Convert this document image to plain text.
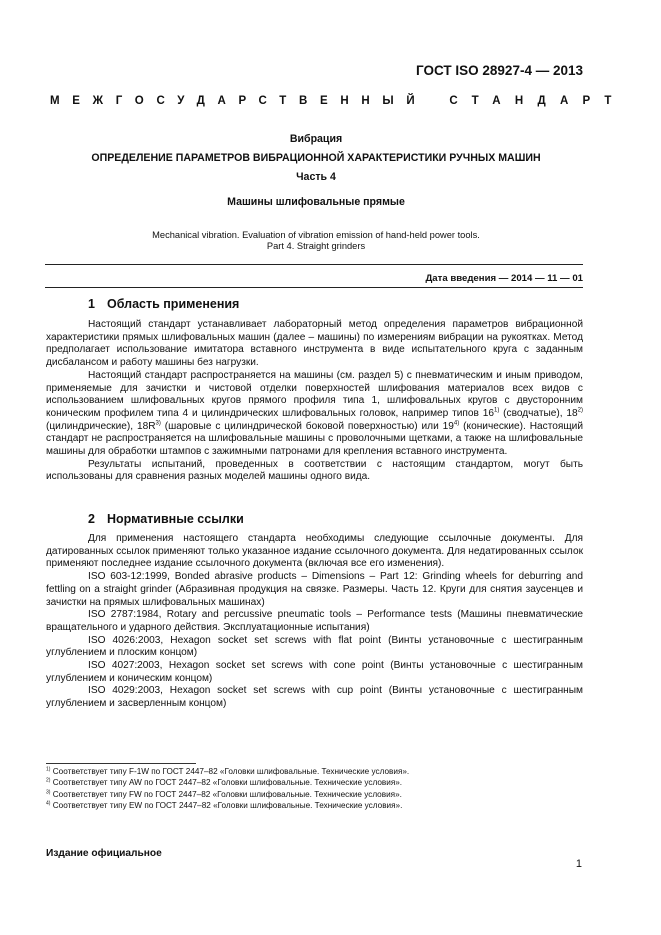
ГОСТ ISO 28927-4 — 2013
МЕЖГОСУДАРСТВЕННЫЙ СТАНДАРТ
Вибрация
ОПРЕДЕЛЕНИЕ ПАРАМЕТРОВ ВИБРАЦИОННОЙ ХАРАКТЕРИСТИКИ РУЧНЫХ МАШИН
Часть 4
Машины шлифовальные прямые
Mechanical vibration. Evaluation of vibration emission of hand-held power tools.
Part 4. Straight grinders
Дата введения — 2014 — 11 — 01
1 Область применения

Настоящий стандарт устанавливает лабораторный метод определения параметров вибрационной характеристики прямых шлифовальных машин (далее – машины) по измерениям вибрации на рукоятках. Метод предполагает использование имитатора вставного инструмента в виде испытательного круга с заданным дисбалансом и работу машины без нагрузки.

Настоящий стандарт распространяется на машины (см. раздел 5) с пневматическим и иным приводом, применяемые для зачистки и чистовой отделки поверхностей шлифования материалов всех видов с использованием шлифовальных кругов прямого профиля типа 1, шлифовальных кругов с двусторонним коническим профилем типа 4 и цилиндрических шлифовальных головок, например типов 16$^{1)}$ (сводчатые), 18$^{2)}$ (цилиндрические), $18R^{3)}$ (шаровые с цилиндрической боковой поверхностью) или 19$^{4)}$ (конические). Настоящий стандарт не распространяется на шлифовальные машины с проволочными щетками, а также на шлифовальные машины для обработки штампов с зажимными патронами для крепления вставного инструмента.

Результаты испытаний, проведенных в соответствии с настоящим стандартом, могут быть использованы для сравнения разных моделей машины одного вида.

2 Нормативные ссылки

Для применения настоящего стандарта необходимы следующие ссылочные документы. Для датированных ссылок применяют только указанное издание ссылочного документа. Для недатированных ссылок применяют последнее издание ссылочного документа (включая все его изменения).

ISO 603-12:1999, Bonded abrasive products – Dimensions – Part 12: Grinding wheels for deburring and fettling on a straight grinder (Абразивная продукция на связке. Размеры. Часть 12. Круги для снятия заусенцев и зачистки на прямых шлифовальных машинах)

ISO 2787:1984, Rotary and percussive pneumatic tools – Performance tests (Машины пневматические вращательного и ударного действия. Эксплуатационные испытания)

ISO 4026:2003, Hexagon socket set screws with flat point (Винты установочные с шестигранным углублением и плоским концом)

ISO 4027:2003, Hexagon socket set screws with cone point (Винты установочные с шестигранным углублением и коническим концом)

ISO 4029:2003, Hexagon socket set screws with cup point (Винты установочные с шестигранным углублением и засверленным концом)

$^{1)}$ Соответствует типу F-1W по ГОСТ 2447–82 «Головки шлифовальные. Технические условия».
$^{2)}$ Соответствует типу AW по ГОСТ 2447–82 «Головки шлифовальные. Технические условия».
$^{3)}$ Соответствует типу FW по ГОСТ 2447–82 «Головки шлифовальные. Технические условия».
$^{4)}$ Соответствует типу EW по ГОСТ 2447–82 «Головки шлифовальные. Технические условия».
Издание официальное
1
